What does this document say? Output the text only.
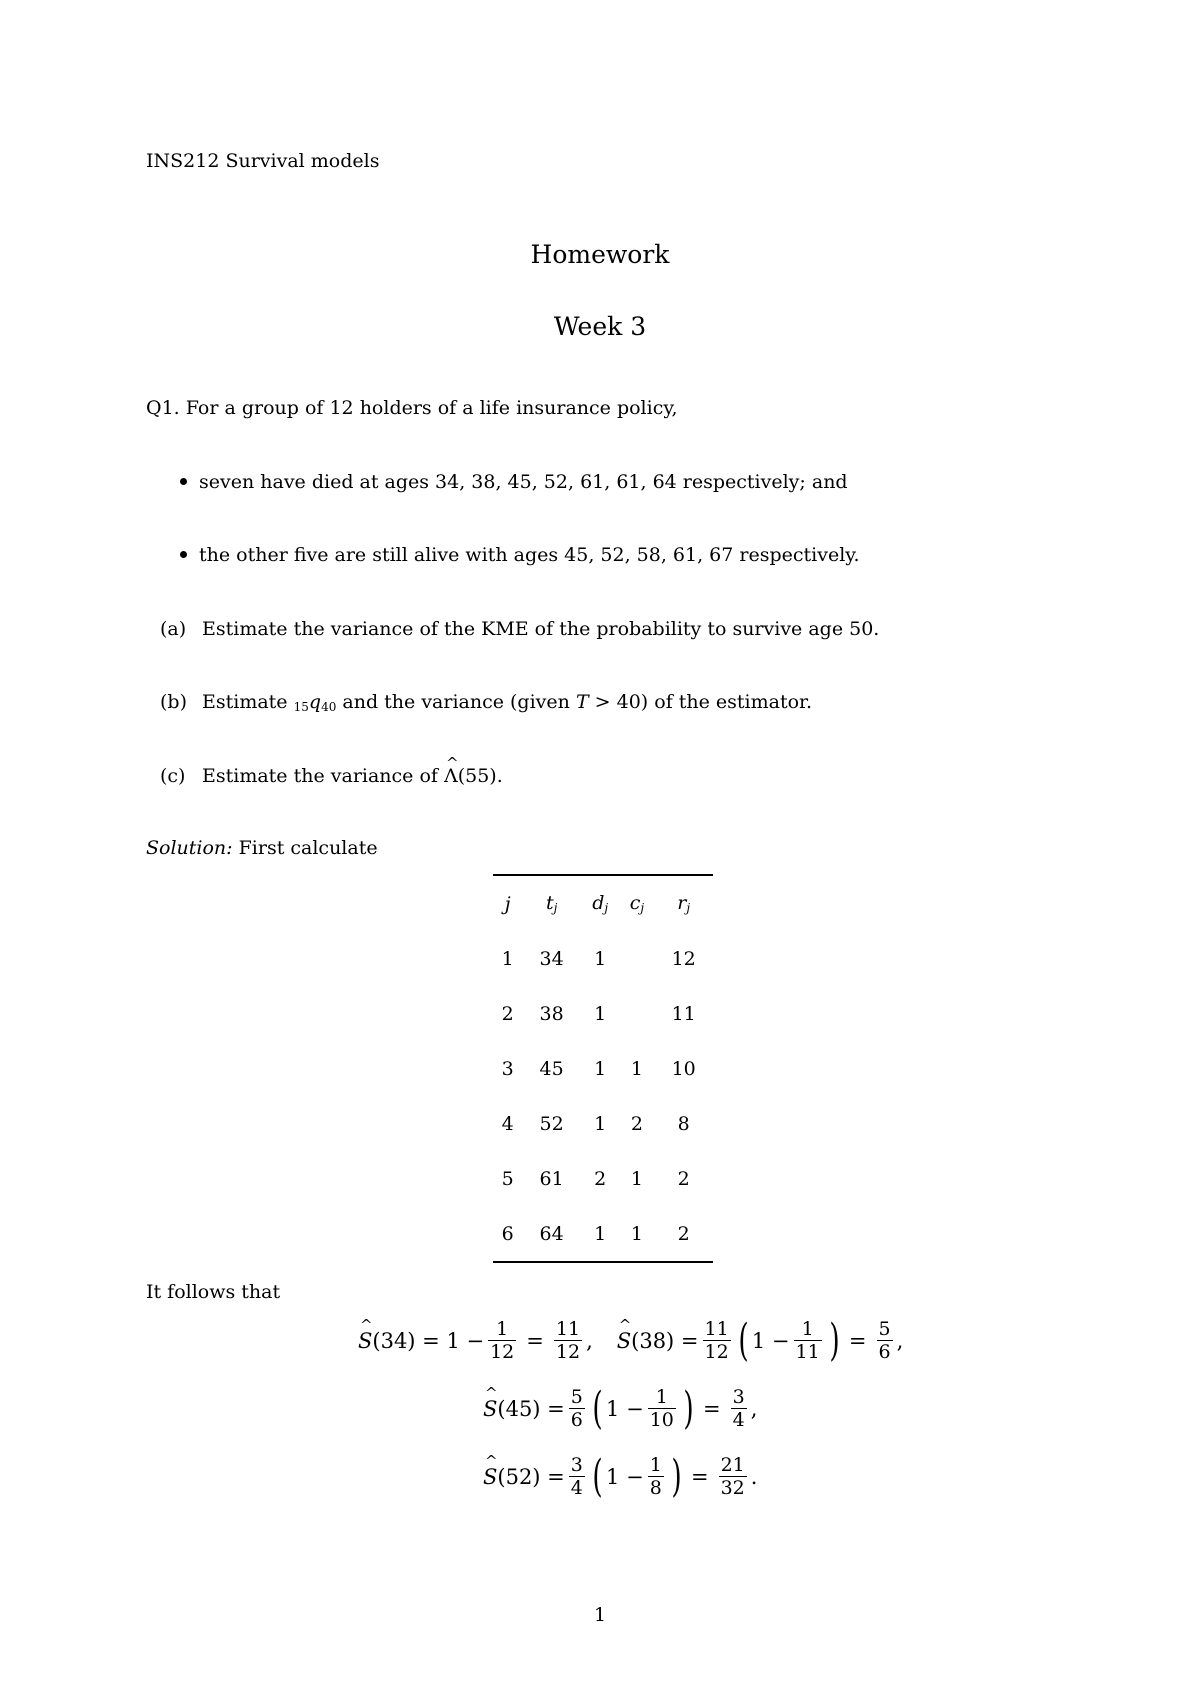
INS212 Survival models
Homework
Week 3
Q1. For a group of 12 holders of a life insurance policy,
seven have died at ages 34, 38, 45, 52, 61, 61, 64 respectively; and
the other five are still alive with ages 45, 52, 58, 61, 67 respectively.
(a) Estimate the variance of the KME of the probability to survive age 50.
(b) Estimate $_{15}q_{40}$ and the variance (given T > 40) of the estimator.
(c) Estimate the variance of ^ Λ(55).
Solution: First calculate
j	$t_j$	$d_j$	$c_j$	$r_j$
1	34	1		12
2	38	1		11
3	45	1	1	10
4	52	1	2	8
5	61	2	1	2
6	64	1	1	2
It follows that
^ S $(34) = 1 - \frac{1}{12} = \frac{11}{12}$ , ^ S $(38) = \frac{11}{12}$ ( $1 - \frac{1}{11}$ ) = $\frac{5}{6}$ ,
^ S $(45) = \frac{5}{6}$ ( $1 - \frac{1}{10}$ ) = $\frac{3}{4}$ ,
^ S $(52) = \frac{3}{4}$ ( $1 - \frac{1}{8}$ ) = $\frac{21}{32}$ .
1
